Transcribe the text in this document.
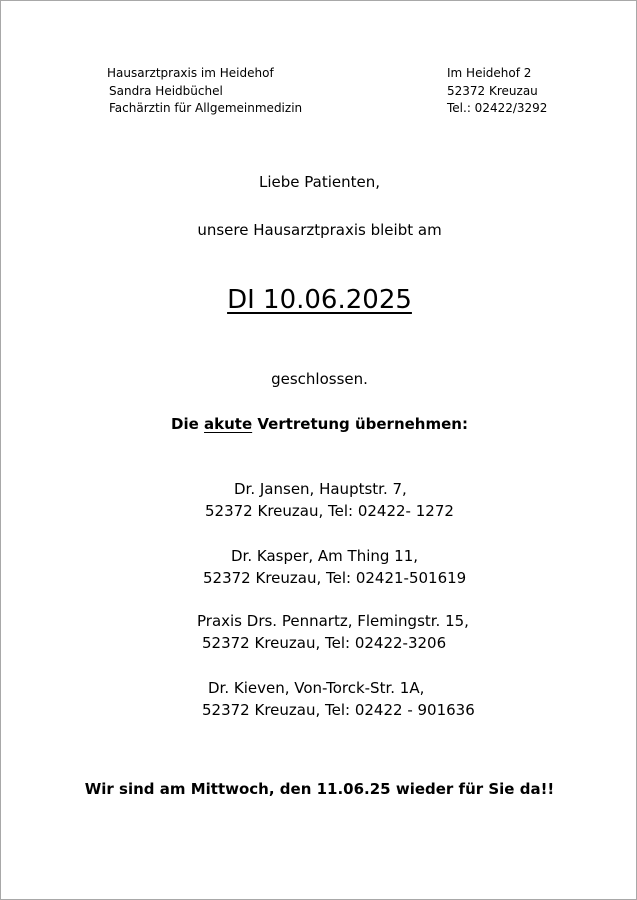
Hausarztpraxis im Heidehof
Sandra Heidbüchel
Fachärztin für Allgemeinmedizin
Im Heidehof 2
52372 Kreuzau
Tel.: 02422/3292
Liebe Patienten,
unsere Hausarztpraxis bleibt am
DI 10.06.2025
geschlossen.
Die akute Vertretung übernehmen:
Dr. Jansen, Hauptstr. 7,
52372 Kreuzau, Tel: 02422- 1272
Dr. Kasper, Am Thing 11,
52372 Kreuzau, Tel: 02421-501619
Praxis Drs. Pennartz, Flemingstr. 15,
52372 Kreuzau, Tel: 02422-3206
Dr. Kieven, Von-Torck-Str. 1A,
52372 Kreuzau, Tel: 02422 - 901636
Wir sind am Mittwoch, den 11.06.25 wieder für Sie da!!
